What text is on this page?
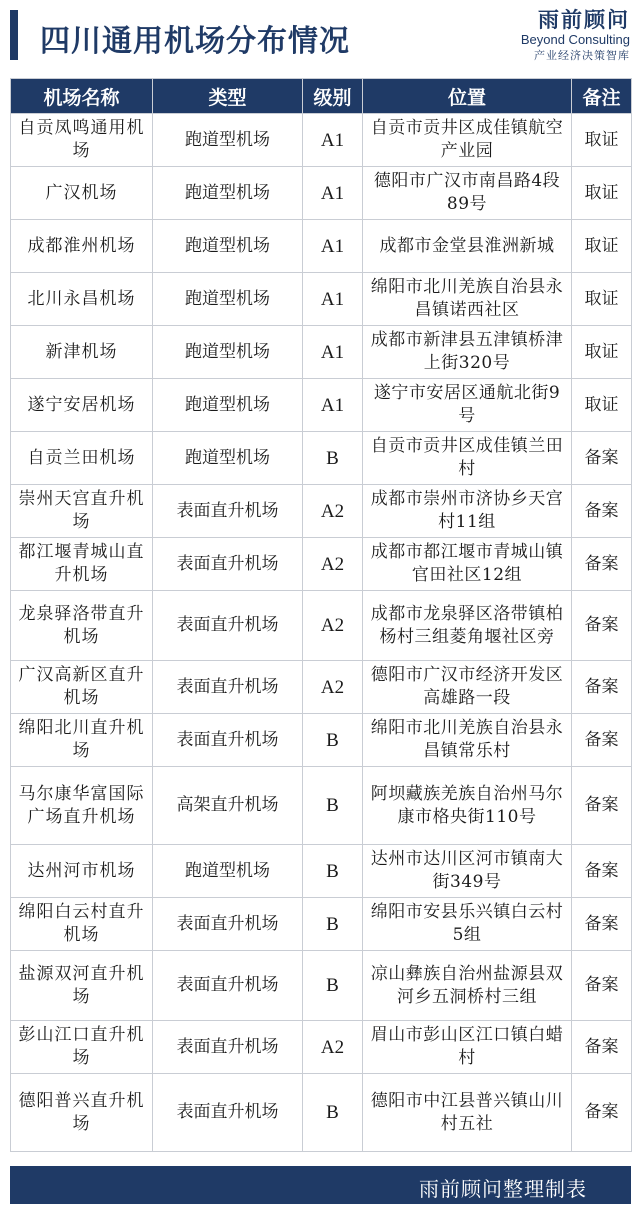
四川通用机场分布情况
雨前顾问
Beyond Consulting
产业经济决策智库
机场名称	类型	级别	位置	备注
自贡凤鸣通用机场	跑道型机场	A1	自贡市贡井区成佳镇航空产业园	取证
广汉机场	跑道型机场	A1	德阳市广汉市南昌路4段89号	取证
成都淮州机场	跑道型机场	A1	成都市金堂县淮洲新城	取证
北川永昌机场	跑道型机场	A1	绵阳市北川羌族自治县永昌镇诺西社区	取证
新津机场	跑道型机场	A1	成都市新津县五津镇桥津上街320号	取证
遂宁安居机场	跑道型机场	A1	遂宁市安居区通航北街9号	取证
自贡兰田机场	跑道型机场	B	自贡市贡井区成佳镇兰田村	备案
崇州天宫直升机场	表面直升机场	A2	成都市崇州市济协乡天宫村11组	备案
都江堰青城山直升机场	表面直升机场	A2	成都市都江堰市青城山镇官田社区12组	备案
龙泉驿洛带直升机场	表面直升机场	A2	成都市龙泉驿区洛带镇柏杨村三组菱角堰社区旁	备案
广汉高新区直升机场	表面直升机场	A2	德阳市广汉市经济开发区高雄路一段	备案
绵阳北川直升机场	表面直升机场	B	绵阳市北川羌族自治县永昌镇常乐村	备案
马尔康华富国际广场直升机场	高架直升机场	B	阿坝藏族羌族自治州马尔康市格央街110号	备案
达州河市机场	跑道型机场	B	达州市达川区河市镇南大街349号	备案
绵阳白云村直升机场	表面直升机场	B	绵阳市安县乐兴镇白云村5组	备案
盐源双河直升机场	表面直升机场	B	凉山彝族自治州盐源县双河乡五洞桥村三组	备案
彭山江口直升机场	表面直升机场	A2	眉山市彭山区江口镇白蜡村	备案
德阳普兴直升机场	表面直升机场	B	德阳市中江县普兴镇山川村五社	备案
雨前顾问整理制表
